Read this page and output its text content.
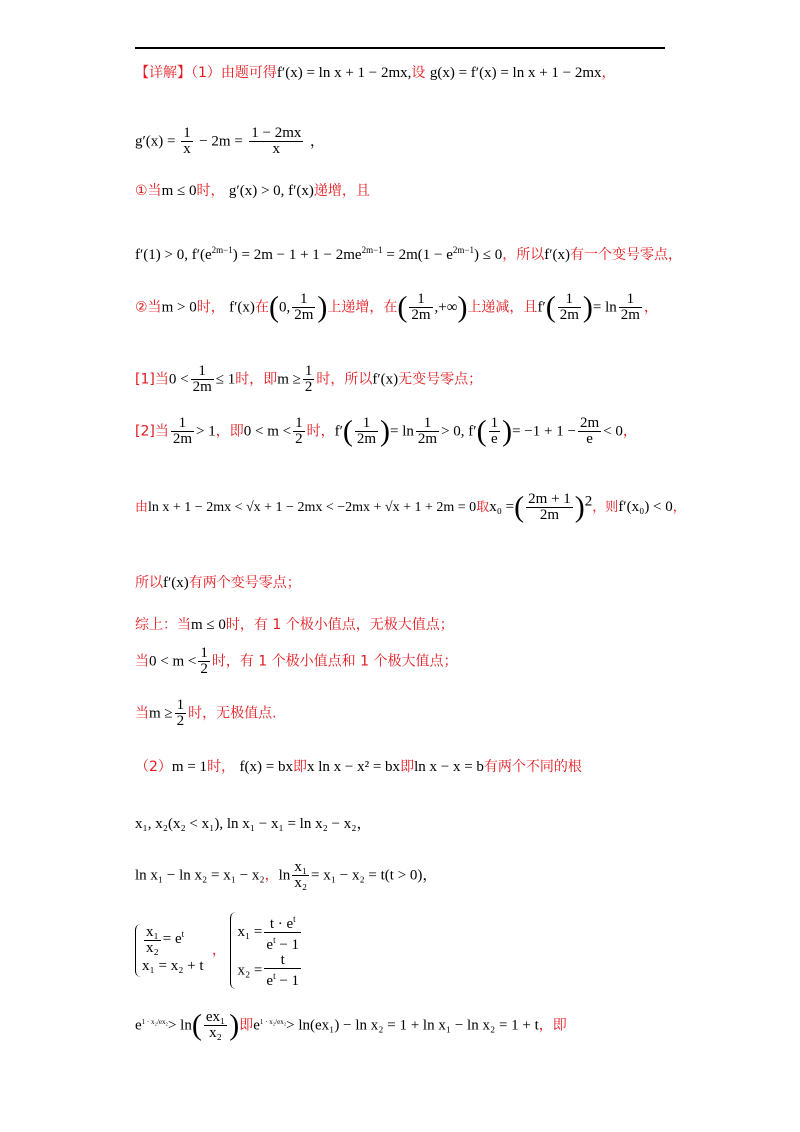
【详解】（1）由题可得f′(x) = ln x + 1 − 2mx,设 g(x) = f′(x) = ln x + 1 − 2mx，
$g'(x) = \frac{1}{x} - 2m = \frac{1 - 2mx}{x}$ ，
①当m ≤ 0时， g′(x) > 0, f′(x)递增，且
f′(1) > 0, $f'(e^{2m-1}) = 2m - 1 + 1 - 2me^{2m-1} = 2m(1 - e^{2m-1}) \le 0$，所以f′(x)有一个变号零点，
②当m > 0时， f′(x)在(0, $\frac{1}{2m}$ )上递增，在( $\frac{1}{2m}$ ,+∞)上递减，且$f'( \frac{1}{2m}$ )= $\ln \frac{1}{2m}$ ，
[1]当$0 < \frac{1}{2m} \le 1$时，即$m \ge \frac{1}{2}$ 时，所以f′(x)无变号零点；
[2]当 $\frac{1}{2m} > 1$，即$0 < m < \frac{1}{2}$ 时，$f'( \frac{1}{2m}$ )= $\ln \frac{1}{2m} > 0$, $f'( \frac{1}{e}$ )= $-1 + 1 - \frac{2m}{e} < 0$，
由ln x + 1 − 2mx < √x + 1 − 2mx < −2mx + √x + 1 + 2m = 0取x₀ =( $\frac{2m + 1}{2m} )^2$，则f′(x₀) < 0，
所以f′(x)有两个变号零点；
综上：当m ≤ 0时，有 1 个极小值点，无极大值点；
当$0 < m < \frac{1}{2}$ 时，有 1 个极小值点和 1 个极大值点；
当$m \ge \frac{1}{2}$ 时，无极值点.
（2）m = 1时， f(x) = bx即x ln x − x² = bx即ln x − x = b有两个不同的根
x₁, x₂(x₂ < x₁), ln x₁ − x₁ = ln x₂ − x₂，
ln x₁ − ln x₂ = x₁ − x₂，$\ln \frac{\text{x₁}}{\text{x₂}} = x_1 - x_2 = t(t > 0)$，
$\frac{\text{x₁}}{\text{x₂}} = e^t$
x₁ = x₂ + t
，
$x_1 = \frac{t \cdot e^t}{e^t - 1}$
$x_2 = \frac{t}{e^t - 1}$
$e^{1 \cdot x_2/ex_2}> \ln( \frac{\text{ex₁}}{\text{x₂}}$ )即$e^{1 \cdot x_2/ex_2}> \ln(ex_1) - \ln x_2 = 1 + \ln x_1 - \ln x_2 = 1 + t$，即
